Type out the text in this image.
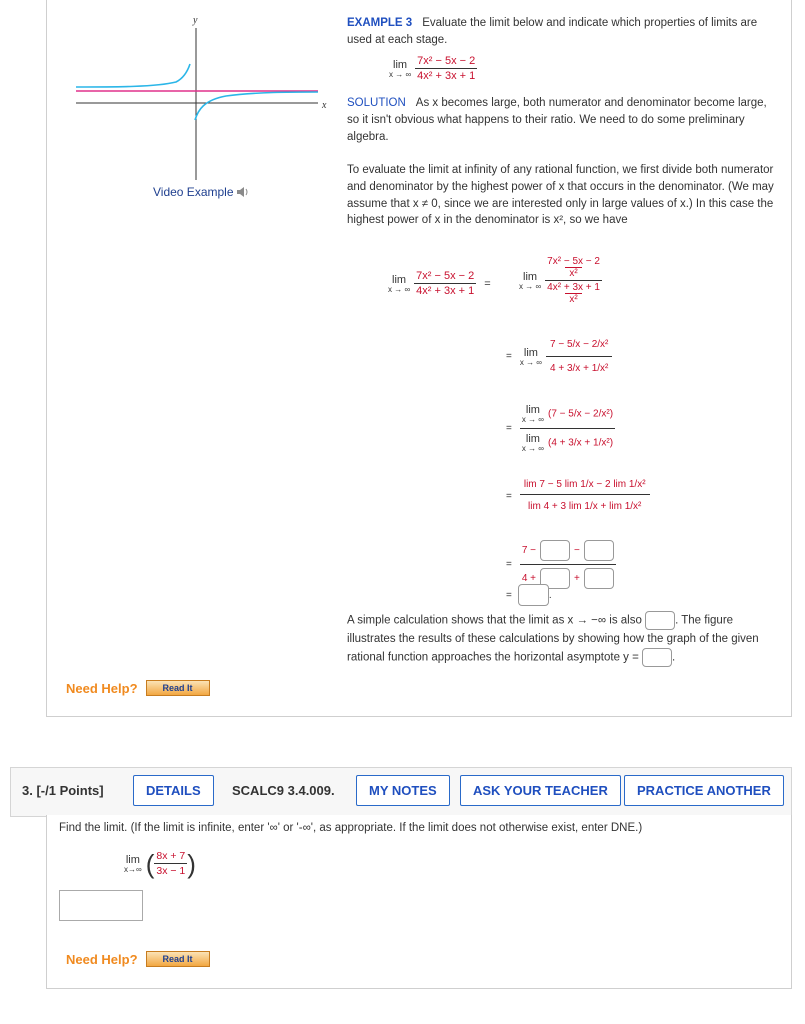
y
x
Video Example
EXAMPLE 3 Evaluate the limit below and indicate which properties of limits are used at each stage.
lim
x → ∞ $\frac{\text{7x² − 5x − 2}}{\text{4x² + 3x + 1}}$
SOLUTION As x becomes large, both numerator and denominator become large, so it isn't obvious what happens to their ratio. We need to do some preliminary algebra.
To evaluate the limit at infinity of any rational function, we first divide both numerator and denominator by the highest power of x that occurs in the denominator. (We may assume that x ≠ 0, since we are interested only in large values of x.) In this case the highest power of x in the denominator is x², so we have
lim
x → ∞ $\frac{\text{7x² − 5x − 2}}{\text{4x² + 3x + 1}}$ =
lim
x → ∞ 7x² − 5x − 2
x²
4x² + 3x + 1
x²
= lim
x → ∞ $\frac{\text{7 − 5/x − 2/x²}}{\text{4 + 3/x + 1/x²}}$
= lim
x → ∞ (7 − 5/x − 2/x²)
lim
x → ∞ (4 + 3/x + 1/x²)
= $\frac{\text{lim 7 − 5 lim 1/x − 2 lim 1/x²}}{\text{lim 4 + 3 lim 1/x + lim 1/x²}}$
= 7 −	−
4 +	+
=	.
A simple calculation shows that the limit as x → −∞ is also	. The figure illustrates the results of these calculations by showing how the graph of the given rational function approaches the horizontal asymptote y =	.
Need Help?	Read It
3. [-/1 Points]	DETAILS	SCALC9 3.4.009.	MY NOTES	ASK YOUR TEACHER	PRACTICE ANOTHER
Find the limit. (If the limit is infinite, enter '∞' or '-∞', as appropriate. If the limit does not otherwise exist, enter DNE.)
lim
x→∞ ( $\frac{8x + 7}{3x - 1}$ )
Need Help?	Read It
